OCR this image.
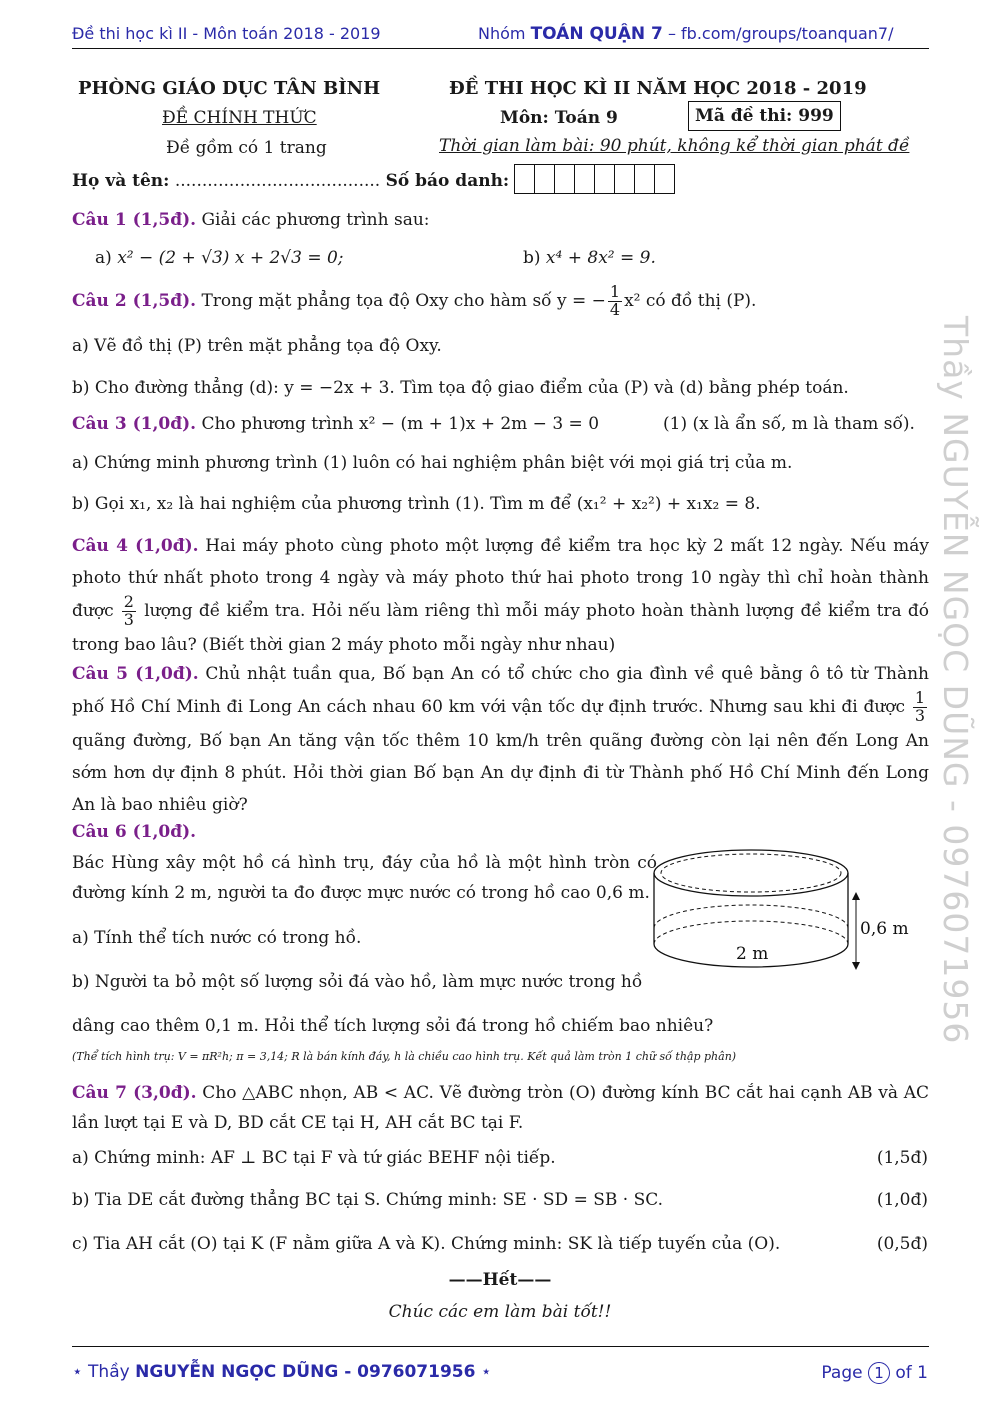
Đề thi học kì II - Môn toán 2018 - 2019	Nhóm TOÁN QUẬN 7 – fb.com/groups/toanquan7/
PHÒNG GIÁO DỤC TÂN BÌNH
ĐỀ CHÍNH THỨC
Đề gồm có 1 trang
ĐỀ THI HỌC KÌ II NĂM HỌC 2018 - 2019
Môn: Toán 9	Mã đề thi: 999
Thời gian làm bài: 90 phút, không kể thời gian phát đề
Họ và tên: ...................................... Số báo danh:
Câu 1 (1,5đ). Giải các phương trình sau:
a) x² − (2 + √3) x + 2√3 = 0;	b) x⁴ + 8x² = 9.
Câu 2 (1,5đ). Trong mặt phẳng tọa độ Oxy cho hàm số y = − $\frac{1}{4} x^2$ có đồ thị (P).
a) Vẽ đồ thị (P) trên mặt phẳng tọa độ Oxy.
b) Cho đường thẳng (d): y = −2x + 3. Tìm tọa độ giao điểm của (P) và (d) bằng phép toán.
Câu 3 (1,0đ). Cho phương trình x² − (m + 1)x + 2m − 3 = 0	(1) (x là ẩn số, m là tham số).
a) Chứng minh phương trình (1) luôn có hai nghiệm phân biệt với mọi giá trị của m.
b) Gọi x₁, x₂ là hai nghiệm của phương trình (1). Tìm m để (x₁² + x₂²) + x₁x₂ = 8.
Câu 4 (1,0đ). Hai máy photo cùng photo một lượng đề kiểm tra học kỳ 2 mất 12 ngày. Nếu máy photo thứ nhất photo trong 4 ngày và máy photo thứ hai photo trong 10 ngày thì chỉ hoàn thành được $\frac{2}{3}$ lượng đề kiểm tra. Hỏi nếu làm riêng thì mỗi máy photo hoàn thành lượng đề kiểm tra đó trong bao lâu? (Biết thời gian 2 máy photo mỗi ngày như nhau)
Câu 5 (1,0đ). Chủ nhật tuần qua, Bố bạn An có tổ chức cho gia đình về quê bằng ô tô từ Thành phố Hồ Chí Minh đi Long An cách nhau 60 km với vận tốc dự định trước. Nhưng sau khi đi được $\frac{1}{3}$
quãng đường, Bố bạn An tăng vận tốc thêm 10 km/h trên quãng đường còn lại nên đến Long An sớm hơn dự định 8 phút. Hỏi thời gian Bố bạn An dự định đi từ Thành phố Hồ Chí Minh đến Long An là bao nhiêu giờ?
Câu 6 (1,0đ).
Bác Hùng xây một hồ cá hình trụ, đáy của hồ là một hình tròn có đường kính 2 m, người ta đo được mực nước có trong hồ cao 0,6 m.
a) Tính thể tích nước có trong hồ.
b) Người ta bỏ một số lượng sỏi đá vào hồ, làm mực nước trong hồ
dâng cao thêm 0,1 m. Hỏi thể tích lượng sỏi đá trong hồ chiếm bao nhiêu?
(Thể tích hình trụ: V = πR²h; π = 3,14; R là bán kính đáy, h là chiều cao hình trụ. Kết quả làm tròn 1 chữ số thập phân)
0,6 m
2 m
Câu 7 (3,0đ). Cho △ABC nhọn, AB < AC. Vẽ đường tròn (O) đường kính BC cắt hai cạnh AB và AC lần lượt tại E và D, BD cắt CE tại H, AH cắt BC tại F.
a) Chứng minh: AF ⊥ BC tại F và tứ giác BEHF nội tiếp.	(1,5đ)
b) Tia DE cắt đường thẳng BC tại S. Chứng minh: SE · SD = SB · SC.	(1,0đ)
c) Tia AH cắt (O) tại K (F nằm giữa A và K). Chứng minh: SK là tiếp tuyến của (O).	(0,5đ)
——Hết——
Chúc các em làm bài tốt!!
Thầy NGUYỄN NGỌC DŨNG - 0976071956
⋆ Thầy NGUYỄN NGỌC DŨNG - 0976071956 ⋆	Page 1 of 1
